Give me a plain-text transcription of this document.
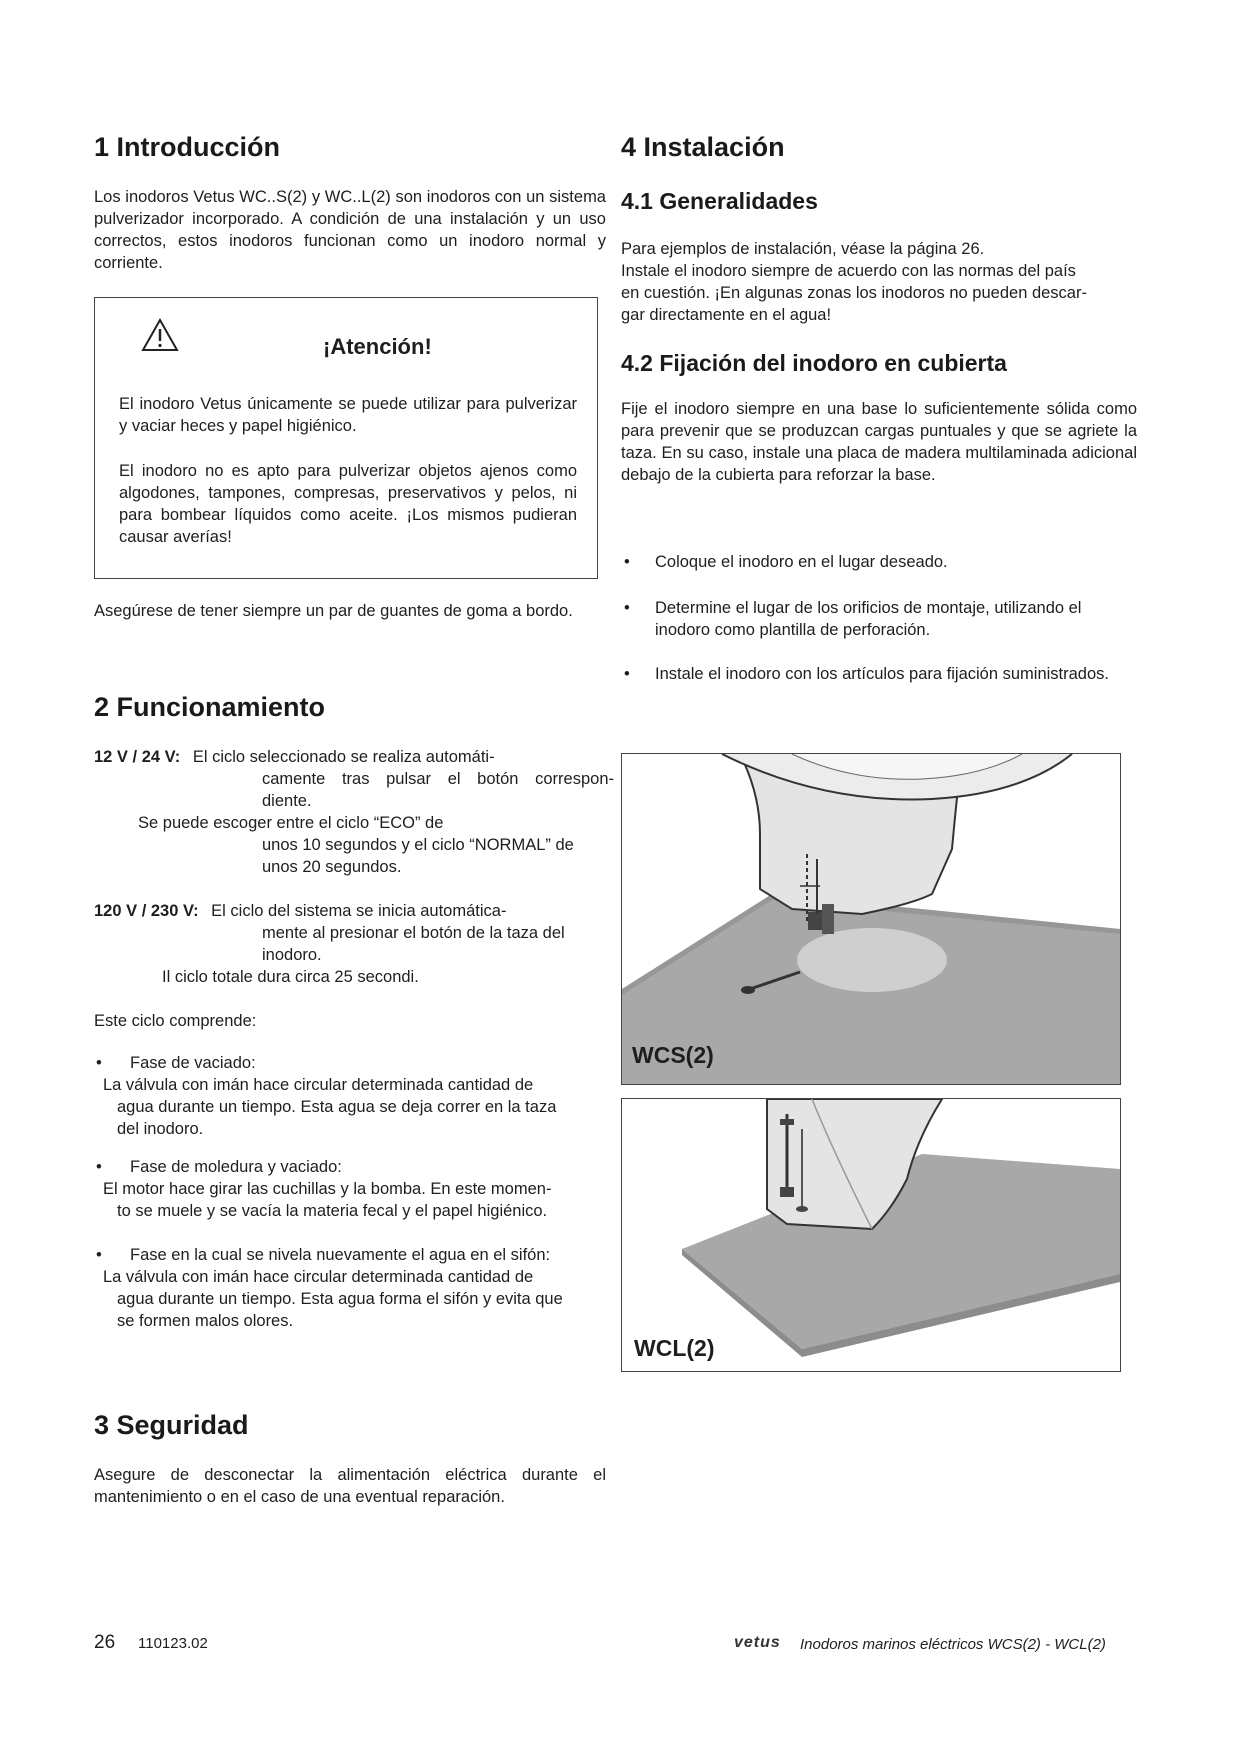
1 Introducción

Los inodoros Vetus WC..S(2) y WC..L(2) son inodoros con un sistema pulverizador incorporado. A condición de una instalación y un uso correctos, estos inodoros funcionan como un inodoro normal y corriente.

¡Atención!

El inodoro Vetus únicamente se puede utilizar para pulverizar y vaciar heces y papel higiénico.

El inodoro no es apto para pulverizar objetos ajenos como algodones, tampones, compresas, preservativos y pelos, ni para bombear líquidos como aceite. ¡Los mismos pudieran causar averías!

Asegúrese de tener siempre un par de guantes de goma a bordo.

2 Funcionamiento
12 V / 24 V: El ciclo seleccionado se realiza automáti-
camente tras pulsar el botón correspon-
diente.
Se puede escoger entre el ciclo “ECO” de
unos 10 segundos y el ciclo “NORMAL” de
unos 20 segundos.
120 V / 230 V: El ciclo del sistema se inicia automática-
mente al presionar el botón de la taza del
inodoro.
Il ciclo totale dura circa 25 secondi.

Este ciclo comprende:

• Fase de vaciado:
La válvula con imán hace circular determinada cantidad de
agua durante un tiempo. Esta agua se deja correr en la taza
del inodoro.
• Fase de moledura y vaciado:
El motor hace girar las cuchillas y la bomba. En este momen-
to se muele y se vacía la materia fecal y el papel higiénico.
• Fase en la cual se nivela nuevamente el agua en el sifón:
La válvula con imán hace circular determinada cantidad de
agua durante un tiempo. Esta agua forma el sifón y evita que
se formen malos olores.
3 Seguridad

Asegure de desconectar la alimentación eléctrica durante el mantenimiento o en el caso de una eventual reparación.

4 Instalación
4.1 Generalidades
Para ejemplos de instalación, véase la página 26.
Instale el inodoro siempre de acuerdo con las normas del país
en cuestión. ¡En algunas zonas los inodoros no pueden descar-
gar directamente en el agua!
4.2 Fijación del inodoro en cubierta

Fije el inodoro siempre en una base lo suficientemente sólida como para prevenir que se produzcan cargas puntuales y que se agriete la taza. En su caso, instale una placa de madera multilaminada adicional debajo de la cubierta para reforzar la base.

•	Coloque el inodoro en el lugar deseado.
•	Determine el lugar de los orificios de montaje, utilizando el inodoro como plantilla de perforación.
•	Instale el inodoro con los artículos para fijación suministrados.
WCS(2)
WCL(2)
26 110123.02	vetus Inodoros marinos eléctricos WCS(2) - WCL(2)
